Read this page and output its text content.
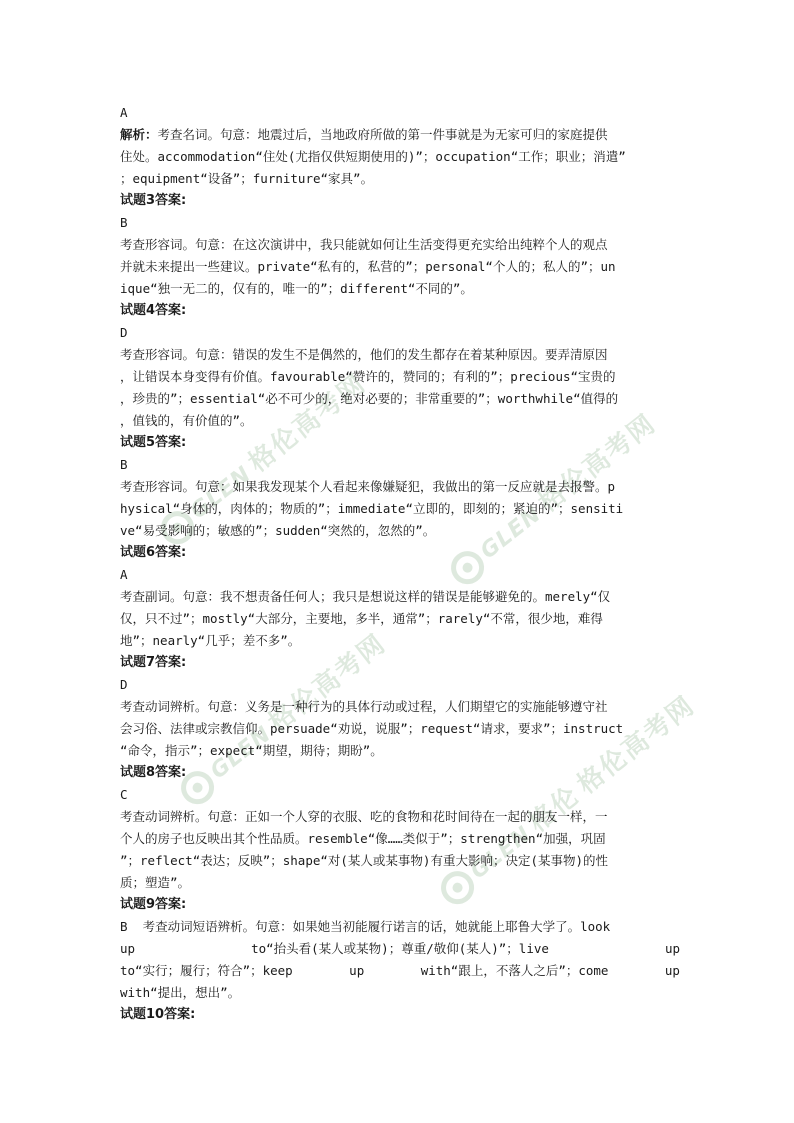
GLEN格伦高考网
GLEN格伦高考网
GLEN格伦高考网
GLEN格伦格伦高考网
A
解析：考查名词。句意：地震过后，当地政府所做的第一件事就是为无家可归的家庭提供
住处。accommodation“住处(尤指仅供短期使用的)”；occupation“工作；职业；消遣”
；equipment“设备”；furniture“家具”。
试题3答案:
B
考查形容词。句意：在这次演讲中，我只能就如何让生活变得更充实给出纯粹个人的观点
并就未来提出一些建议。private“私有的，私营的”；personal“个人的；私人的”；un
ique“独一无二的，仅有的，唯一的”；different“不同的”。
试题4答案:
D
考查形容词。句意：错误的发生不是偶然的，他们的发生都存在着某种原因。要弄清原因
，让错误本身变得有价值。favourable“赞许的，赞同的；有利的”；precious“宝贵的
，珍贵的”；essential“必不可少的，绝对必要的；非常重要的”；worthwhile“值得的
，值钱的，有价值的”。
试题5答案:
B
考查形容词。句意：如果我发现某个人看起来像嫌疑犯，我做出的第一反应就是去报警。p
hysical“身体的，肉体的；物质的”；immediate“立即的，即刻的；紧迫的”；sensiti
ve“易受影响的；敏感的”；sudden“突然的，忽然的”。
试题6答案:
A
考查副词。句意：我不想责备任何人；我只是想说这样的错误是能够避免的。merely“仅
仅，只不过”；mostly“大部分，主要地，多半，通常”；rarely“不常，很少地，难得
地”；nearly“几乎；差不多”。
试题7答案:
D
考查动词辨析。句意：义务是一种行为的具体行动或过程，人们期望它的实施能够遵守社
会习俗、法律或宗教信仰。persuade“劝说，说服”；request“请求，要求”；instruct
“命令，指示”；expect“期望，期待；期盼”。
试题8答案:
C
考查动词辨析。句意：正如一个人穿的衣服、吃的食物和花时间待在一起的朋友一样，一
个人的房子也反映出其个性品质。resemble“像……类似于”；strengthen“加强，巩固
”；reflect“表达；反映”；shape“对(某人或某事物)有重大影响；决定(某事物)的性
质；塑造”。
试题9答案:
B  考查动词短语辨析。句意：如果她当初能履行诺言的话，她就能上耶鲁大学了。look
up	to“抬头看(某人或某物)；尊重/敬仰(某人)”；live	up
to“实行；履行；符合”；keep	up	with“跟上，不落人之后”；come	up
with“提出，想出”。
试题10答案:
